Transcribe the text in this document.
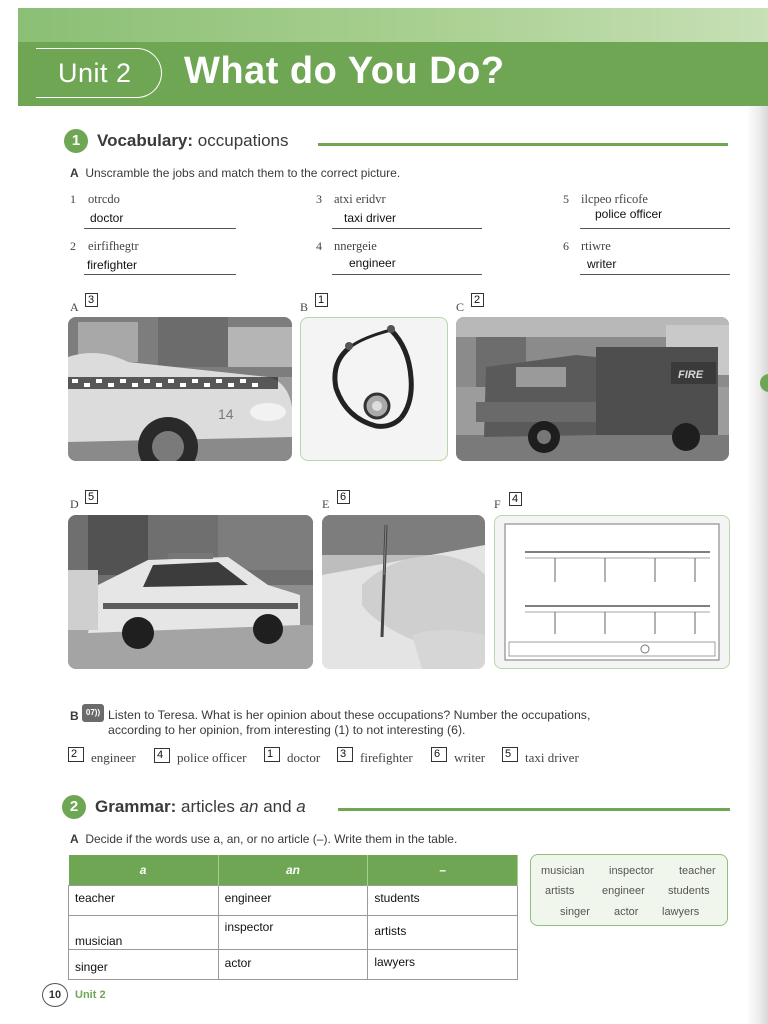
Unit 2 What do You Do?
1 Vocabulary: occupations
A Unscramble the jobs and match them to the correct picture.
1 otrcdo
doctor
2 eirfifhegtr
firefighter
3 atxi eridvr
taxi driver
4 nnergeie
engineer
5 ilcpeo rficofe
police officer
6 rtiwre
writer
A 3	B 1	C 2
14
FIRE
D 5	E 6	F 4
B 07)) Listen to Teresa. What is her opinion about these occupations? Number the occupations,
according to her opinion, from interesting (1) to not interesting (6).
2	engineer 4	police officer 1	doctor 3	firefighter 6	writer 5	taxi driver
2 Grammar: articles an and a
A Decide if the words use a, an, or no article (–). Write them in the table.
a	an	–
teacher	engineer	students
musician	inspector	artists
singer	actor	lawyers
musician inspector teacher
artists	engineer students
singer actor lawyers
10	Unit 2
